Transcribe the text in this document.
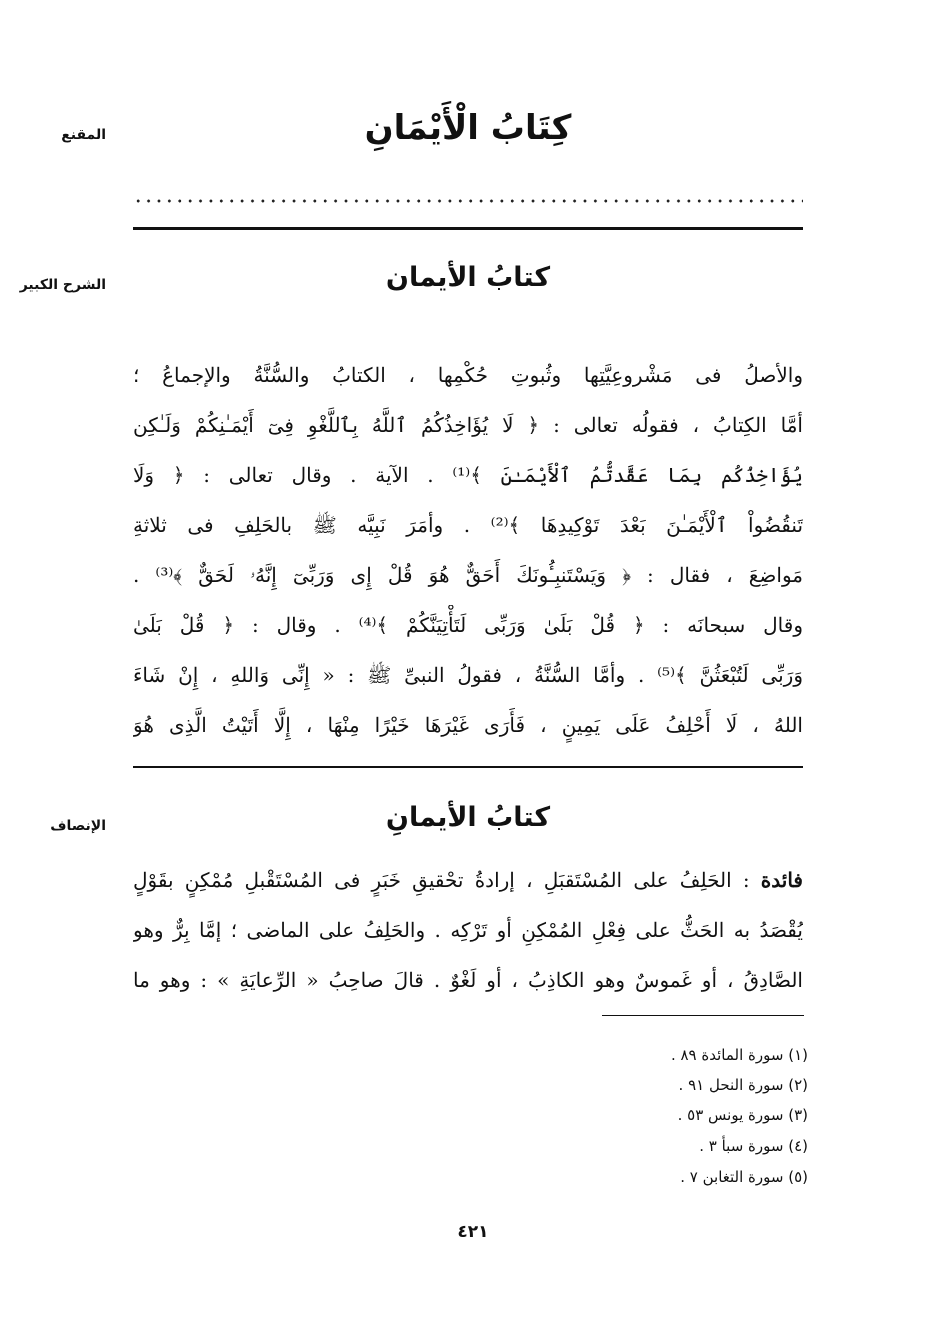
المقنع	كِتَابُ الْأَيْمَانِ
الشرح الكبير	كتابُ الأيمان
والأصلُ فى مَشْروعِيَّتِها وثُبوتِ حُكْمِها ، الكتابُ والسُّنَّةُ والإجماعُ ؛
أمَّا الكِتابُ ، فقولُه تعالى : ﴿ لَا يُؤَاخِذُكُمُ ٱللَّهُ بِٱللَّغْوِ فِىٓ أَيْمَـٰنِكُمْ وَلَـٰكِن
يُؤَاخِذُكُم بِمَا عَقَّدتُّمُ ٱلْأَيْمَـٰنَ ﴾⁽¹⁾ . الآية . وقال تعالى : ﴿ وَلَا
تَنقُضُواْ ٱلْأَيْمَـٰنَ بَعْدَ تَوْكِيدِهَا ﴾⁽²⁾ . وأمَرَ نَبِيَّه ﷺ بالحَلِفِ فى ثلاثةِ
مَواضِعَ ، فقال : ﴿ وَيَسْتَنبِـُٔونَكَ أَحَقٌّ هُوَ قُلْ إِى وَرَبِّىٓ إِنَّهُۥ لَحَقٌّ ﴾⁽³⁾ .
وقال سبحانَه : ﴿ قُلْ بَلَىٰ وَرَبِّى لَتَأْتِيَنَّكُمْ ﴾⁽⁴⁾ . وقال : ﴿ قُلْ بَلَىٰ
وَرَبِّى لَتُبْعَثُنَّ ﴾⁽⁵⁾ . وأمَّا السُّنَّةُ ، فقولُ النبىِّ ﷺ : « إِنِّى وَاللهِ ، إِنْ شَاءَ
اللهُ ، لَا أَحْلِفُ عَلَى يَمِينٍ ، فَأَرَى غَيْرَهَا خَيْرًا مِنْهَا ، إِلَّا أَتَيْتُ الَّذِى هُوَ
الإنصاف	كتابُ الأيمانِ
فائدة : الحَلِفُ على المُسْتَقبَلِ ، إرادةُ تحْقيقِ خَبَرٍ فى المُسْتَقْبلِ مُمْكِنٍ بقَوْلٍ
يُقْصَدُ به الحَثُّ على فِعْلِ المُمْكِنِ أو تَرْكِه . والحَلِفُ على الماضى ؛ إمَّا بِرٌّ وهو
الصَّادِقُ ، أو غَموسٌ وهو الكاذِبُ ، أو لَغْوٌ . قالَ صاحِبُ « الرِّعايَةِ » : وهو ما
(١) سورة المائدة ٨٩ .
(٢) سورة النحل ٩١ .
(٣) سورة يونس ٥٣ .
(٤) سورة سبأ ٣ .
(٥) سورة التغابن ٧ .
٤٢١
